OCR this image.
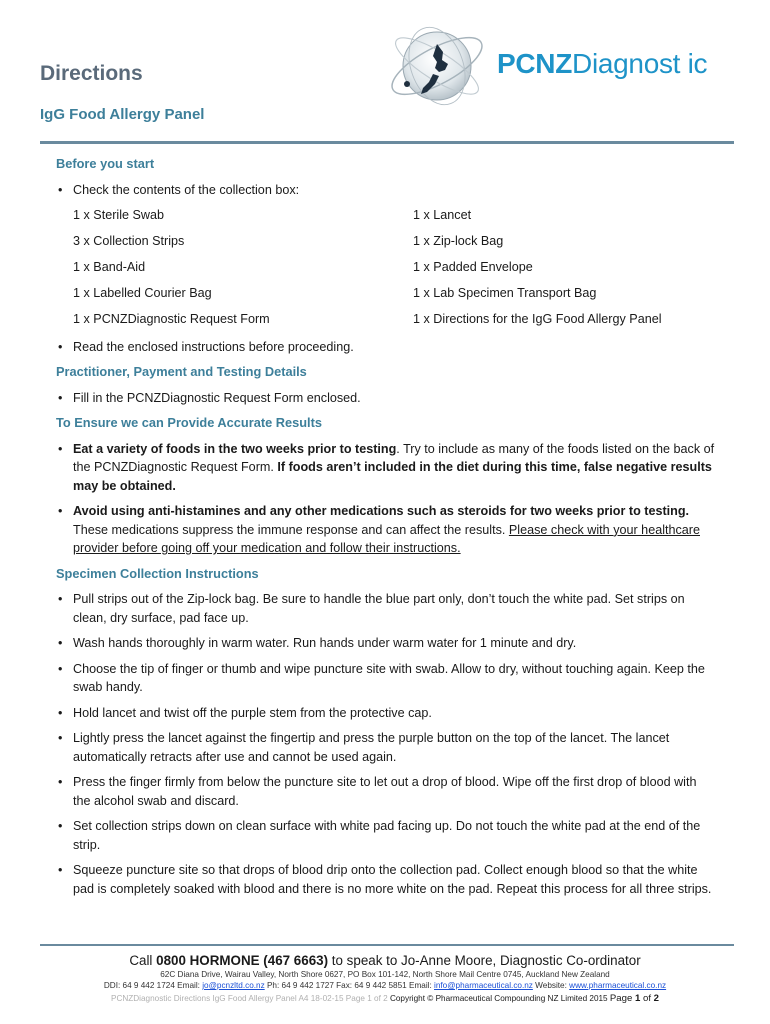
Directions
IgG Food Allergy Panel
PCNZDiagnost ic
Before you start
• Check the contents of the collection box:
1 x Sterile Swab	1 x Lancet
3 x Collection Strips	1 x Zip-lock Bag
1 x Band-Aid	1 x Padded Envelope
1 x Labelled Courier Bag	1 x Lab Specimen Transport Bag
1 x PCNZDiagnostic Request Form	1 x Directions for the IgG Food Allergy Panel
• Read the enclosed instructions before proceeding.
Practitioner, Payment and Testing Details
• Fill in the PCNZDiagnostic Request Form enclosed.
To Ensure we can Provide Accurate Results
• Eat a variety of foods in the two weeks prior to testing. Try to include as many of the foods listed on the back of the PCNZDiagnostic Request Form. If foods aren’t included in the diet during this time, false negative results may be obtained.
• Avoid using anti-histamines and any other medications such as steroids for two weeks prior to testing. These medications suppress the immune response and can affect the results. Please check with your healthcare provider before going off your medication and follow their instructions.
Specimen Collection Instructions
• Pull strips out of the Zip-lock bag. Be sure to handle the blue part only, don’t touch the white pad. Set strips on clean, dry surface, pad face up.
• Wash hands thoroughly in warm water. Run hands under warm water for 1 minute and dry.
• Choose the tip of finger or thumb and wipe puncture site with swab. Allow to dry, without touching again. Keep the swab handy.
• Hold lancet and twist off the purple stem from the protective cap.
• Lightly press the lancet against the fingertip and press the purple button on the top of the lancet. The lancet automatically retracts after use and cannot be used again.
• Press the finger firmly from below the puncture site to let out a drop of blood. Wipe off the first drop of blood with the alcohol swab and discard.
• Set collection strips down on clean surface with white pad facing up. Do not touch the white pad at the end of the strip.
• Squeeze puncture site so that drops of blood drip onto the collection pad. Collect enough blood so that the white pad is completely soaked with blood and there is no more white on the pad. Repeat this process for all three strips.
Call 0800 HORMONE (467 6663) to speak to Jo-Anne Moore, Diagnostic Co-ordinator
62C Diana Drive, Wairau Valley, North Shore 0627, PO Box 101-142, North Shore Mail Centre 0745, Auckland New Zealand
DDI: 64 9 442 1724 Email: jo@pcnzltd.co.nz Ph: 64 9 442 1727 Fax: 64 9 442 5851 Email: info@pharmaceutical.co.nz Website: www.pharmaceutical.co.nz
PCNZDiagnostic Directions IgG Food Allergy Panel A4 18-02-15 Page 1 of 2 Copyright © Pharmaceutical Compounding NZ Limited 2015 Page 1 of 2
